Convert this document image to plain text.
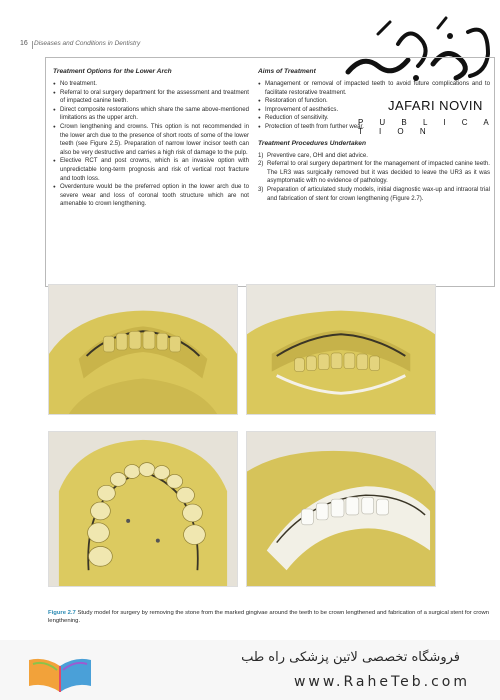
16 Diseases and Conditions in Dentistry
JAFARI NOVIN
P U B L I C A T I O N
Treatment Options for the Lower Arch
● No treatment.
● Referral to oral surgery department for the assessment and treatment of impacted canine teeth.
● Direct composite restorations which share the same above-mentioned limitations as the upper arch.
● Crown lengthening and crowns. This option is not recommended in the lower arch due to the presence of short roots of some of the lower teeth (see Figure 2.5). Preparation of narrow lower incisor teeth can also be very destructive and carries a high risk of damage to the pulp.
● Elective RCT and post crowns, which is an invasive option with unpredictable long-term prognosis and risk of vertical root fracture and tooth loss.
● Overdenture would be the preferred option in the lower arch due to severe wear and loss of coronal tooth structure which are not amenable to crown lengthening.
Aims of Treatment
● Management or removal of impacted teeth to avoid future complications and to facilitate restorative treatment.
● Restoration of function.
● Improvement of aesthetics.
● Reduction of sensitivity.
● Protection of teeth from further wear.
Treatment Procedures Undertaken
1) Preventive care, OHI and diet advice.
2) Referral to oral surgery department for the management of impacted canine teeth. The LR3 was surgically removed but it was decided to leave the UR3 as it was asymptomatic with no evidence of pathology.
3) Preparation of articulated study models, initial diagnostic wax-up and intraoral trial and fabrication of stent for crown lengthening (Figure 2.7).
Figure 2.7 Study model for surgery by removing the stone from the marked gingivae around the teeth to be crown lengthened and fabrication of a surgical stent for crown lengthening.
فروشگاه تخصصی لاتین پزشکی راه طب
www.RaheTeb.com
